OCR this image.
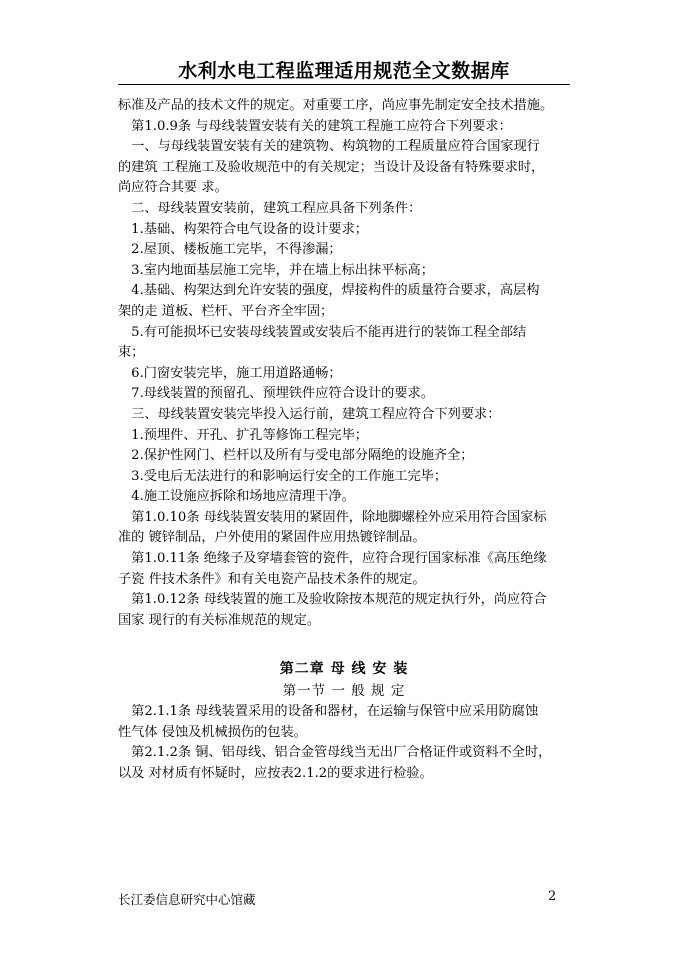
水利水电工程监理适用规范全文数据库
标准及产品的技术文件的规定。对重要工序，尚应事先制定安全技术措施。
　第1.0.9条 与母线装置安装有关的建筑工程施工应符合下列要求：
　一、与母线装置安装有关的建筑物、构筑物的工程质量应符合国家现行
的建筑 工程施工及验收规范中的有关规定；当设计及设备有特殊要求时，
尚应符合其要 求。
　二、母线装置安装前，建筑工程应具备下列条件：
　1.基础、构架符合电气设备的设计要求；
　2.屋顶、楼板施工完毕，不得渗漏；
　3.室内地面基层施工完毕，并在墙上标出抹平标高；
　4.基础、构架达到允许安装的强度，焊接构件的质量符合要求，高层构
架的走 道板、栏杆、平台齐全牢固；
　5.有可能损坏已安装母线装置或安装后不能再进行的装饰工程全部结
束；
　6.门窗安装完毕，施工用道路通畅；
　7.母线装置的预留孔、预埋铁件应符合设计的要求。
　三、母线装置安装完毕投入运行前，建筑工程应符合下列要求：
　1.预埋件、开孔、扩孔等修饰工程完毕；
　2.保护性网门、栏杆以及所有与受电部分隔绝的设施齐全；
　3.受电后无法进行的和影响运行安全的工作施工完毕；
　4.施工设施应拆除和场地应清理干净。
　第1.0.10条 母线装置安装用的紧固件，除地脚螺栓外应采用符合国家标
准的 镀锌制品，户外使用的紧固件应用热镀锌制品。
　第1.0.11条 绝缘子及穿墙套管的瓷件，应符合现行国家标准《高压绝缘
子瓷 件技术条件》和有关电瓷产品技术条件的规定。
　第1.0.12条 母线装置的施工及验收除按本规范的规定执行外，尚应符合
国家 现行的有关标准规范的规定。
第二章 母 线 安 装
第一节 一 般 规 定
　第2.1.1条 母线装置采用的设备和器材，在运输与保管中应采用防腐蚀
性气体 侵蚀及机械损伤的包装。
　第2.1.2条 铜、铝母线、铝合金管母线当无出厂合格证件或资料不全时，
以及 对材质有怀疑时，应按表2.1.2的要求进行检验。
长江委信息研究中心馆藏	2
